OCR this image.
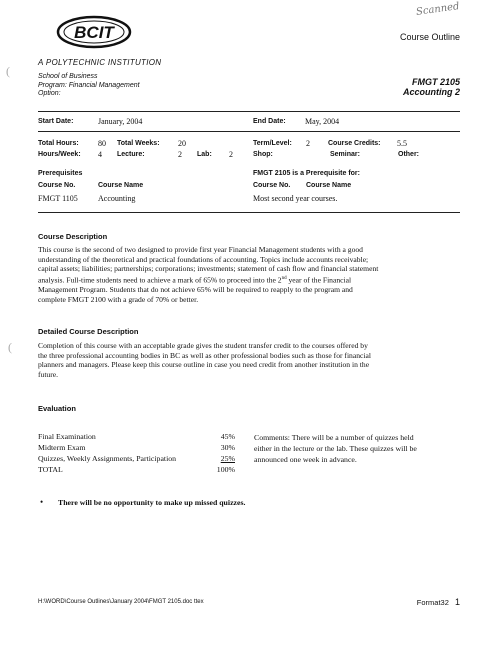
Scanned
BCIT	Course Outline
A POLYTECHNIC INSTITUTION
School of Business
Program: Financial Management
Option:
FMGT 2105
Accounting 2
Start Date:	January, 2004	End Date: May, 2004
Total Hours: 80 Total Weeks: 20	Term/Level: 2	Course Credits: 5.5
Hours/Week: 4 Lecture:	2 Lab: 2	Shop:	Seminar:	Other:
Prerequisites
Course No.	Course Name
FMGT 1105	Accounting
FMGT 2105 is a Prerequisite for:
Course No. Course Name
Most second year courses.
Course Description
This course is the second of two designed to provide first year Financial Management students with a good
understanding of the theoretical and practical foundations of accounting. Topics include accounts receivable;
capital assets; liabilities; partnerships; corporations; investments; statement of cash flow and financial statement
analysis. Full-time students need to achieve a mark of 65% to proceed into the 2nd year of the Financial
Management Program. Students that do not achieve 65% will be required to reapply to the program and
complete FMGT 2100 with a grade of 70% or better.
Detailed Course Description
Completion of this course with an acceptable grade gives the student transfer credit to the courses offered by
the three professional accounting bodies in BC as well as other professional bodies such as those for financial
planners and managers. Please keep this course outline in case you need credit from another institution in the
future.
Evaluation
Final Examination	45%
Midterm Exam	30%
Quizzes, Weekly Assignments, Participation	25%
TOTAL	100%
Comments: There will be a number of quizzes held
either in the lecture or the lab. These quizzes will be
announced one week in advance.
• There will be no opportunity to make up missed quizzes.
(
(
H:\WORD\Course Outlines\January 2004\FMGT 2105.doc ttex	Format32 1
